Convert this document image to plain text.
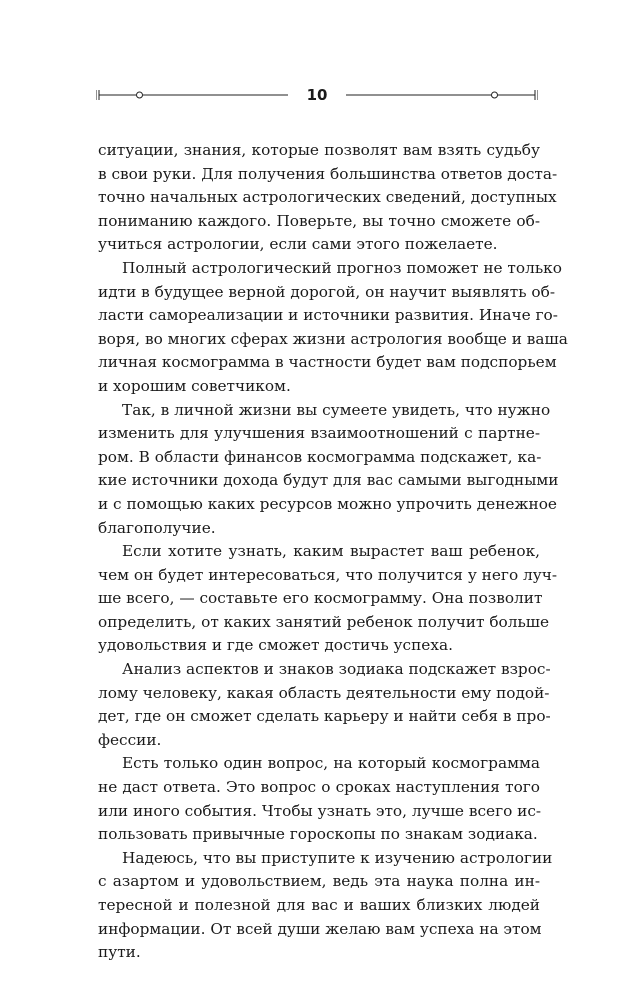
10
ситуации, знания, которые позволят вам взять судьбу
в свои руки. Для получения большинства ответов доста-
точно начальных астрологических сведений, доступных
пониманию каждого. Поверьте, вы точно сможете об-
учиться астрологии, если сами этого пожелаете.
Полный астрологический прогноз поможет не только
идти в будущее верной дорогой, он научит выявлять об-
ласти самореализации и источники развития. Иначе го-
воря, во многих сферах жизни астрология вообще и ваша
личная космограмма в частности будет вам подспорьем
и хорошим советчиком.
Так, в личной жизни вы сумеете увидеть, что нужно
изменить для улучшения взаимоотношений с партне-
ром. В области финансов космограмма подскажет, ка-
кие источники дохода будут для вас самыми выгодными
и с помощью каких ресурсов можно упрочить денежное
благополучие.
Если хотите узнать, каким вырастет ваш ребенок,
чем он будет интересоваться, что получится у него луч-
ше всего, — составьте его космограмму. Она позволит
определить, от каких занятий ребенок получит больше
удовольствия и где сможет достичь успеха.
Анализ аспектов и знаков зодиака подскажет взрос-
лому человеку, какая область деятельности ему подой-
дет, где он сможет сделать карьеру и найти себя в про-
фессии.
Есть только один вопрос, на который космограмма
не даст ответа. Это вопрос о сроках наступления того
или иного события. Чтобы узнать это, лучше всего ис-
пользовать привычные гороскопы по знакам зодиака.
Надеюсь, что вы приступите к изучению астрологии
с азартом и удовольствием, ведь эта наука полна ин-
тересной и полезной для вас и ваших близких людей
информации. От всей души желаю вам успеха на этом
пути.
